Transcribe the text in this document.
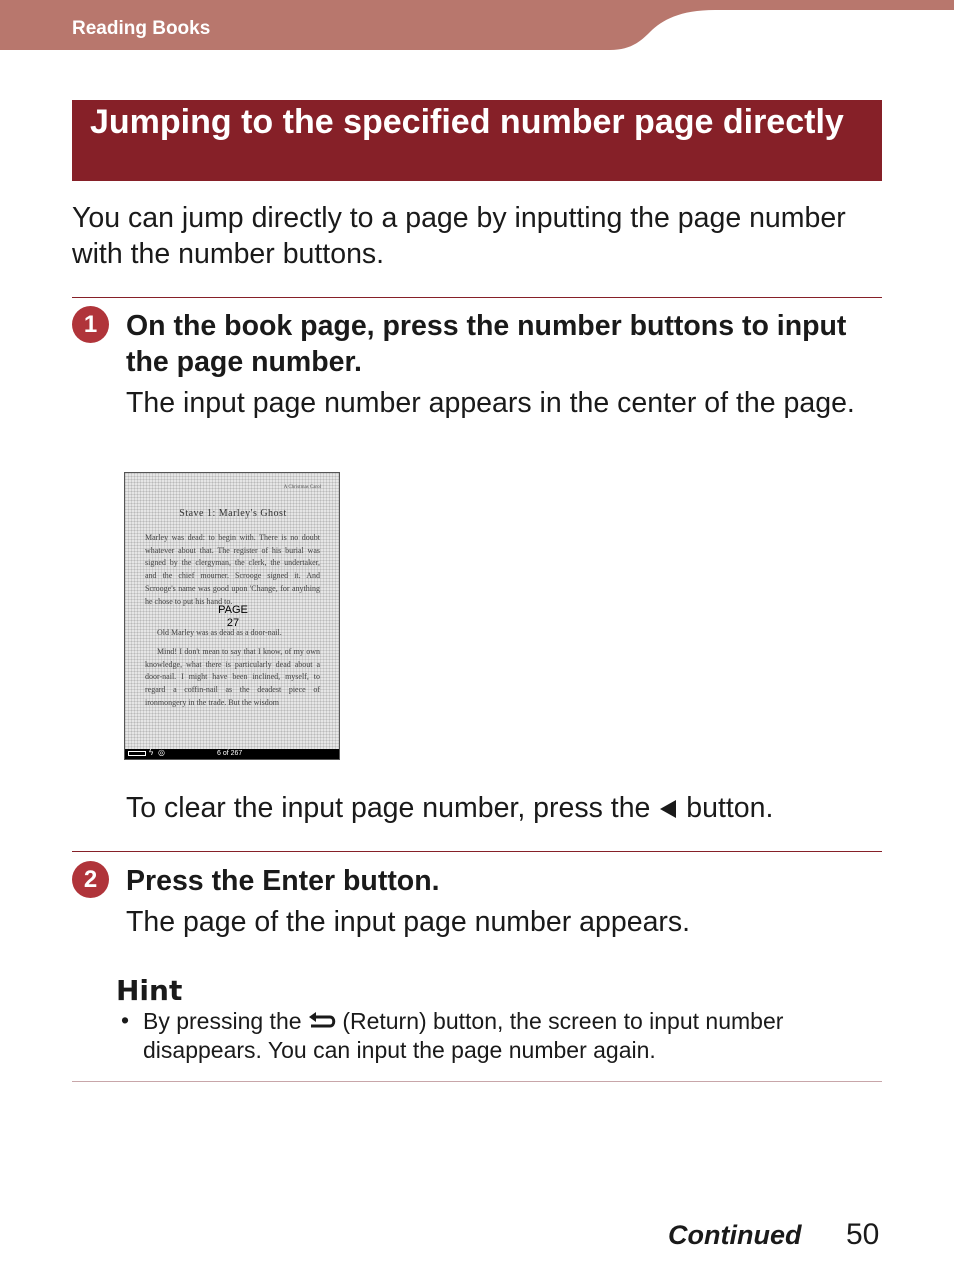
Reading Books
Jumping to the specified number page directly
You can jump directly to a page by inputting the page number with the number buttons.
1	On the book page, press the number buttons to input the page number.
The input page number appears in the center of the page.
A Christmas Carol
Stave 1: Marley's Ghost
Marley was dead: to begin with. There is no doubt whatever about that. The register of his burial was signed by the clergyman, the clerk, the undertaker, and the chief mourner. Scrooge signed it. And Scrooge's name was good upon 'Change, for anything he chose to put his hand to.
Old Marley was as dead as a door-nail.
Mind! I don't mean to say that I know, of my own knowledge, what there is particularly dead about a door-nail. I might have been inclined, myself, to regard a coffin-nail as the deadest piece of ironmongery in the trade. But the wisdom
PAGE
27
ϟ ◎	6 of 267
To clear the input page number, press the button.
2	Press the Enter button.
The page of the input page number appears.
Hint
• By pressing the (Return) button, the screen to input number disappears. You can input the page number again.
Continued 50
